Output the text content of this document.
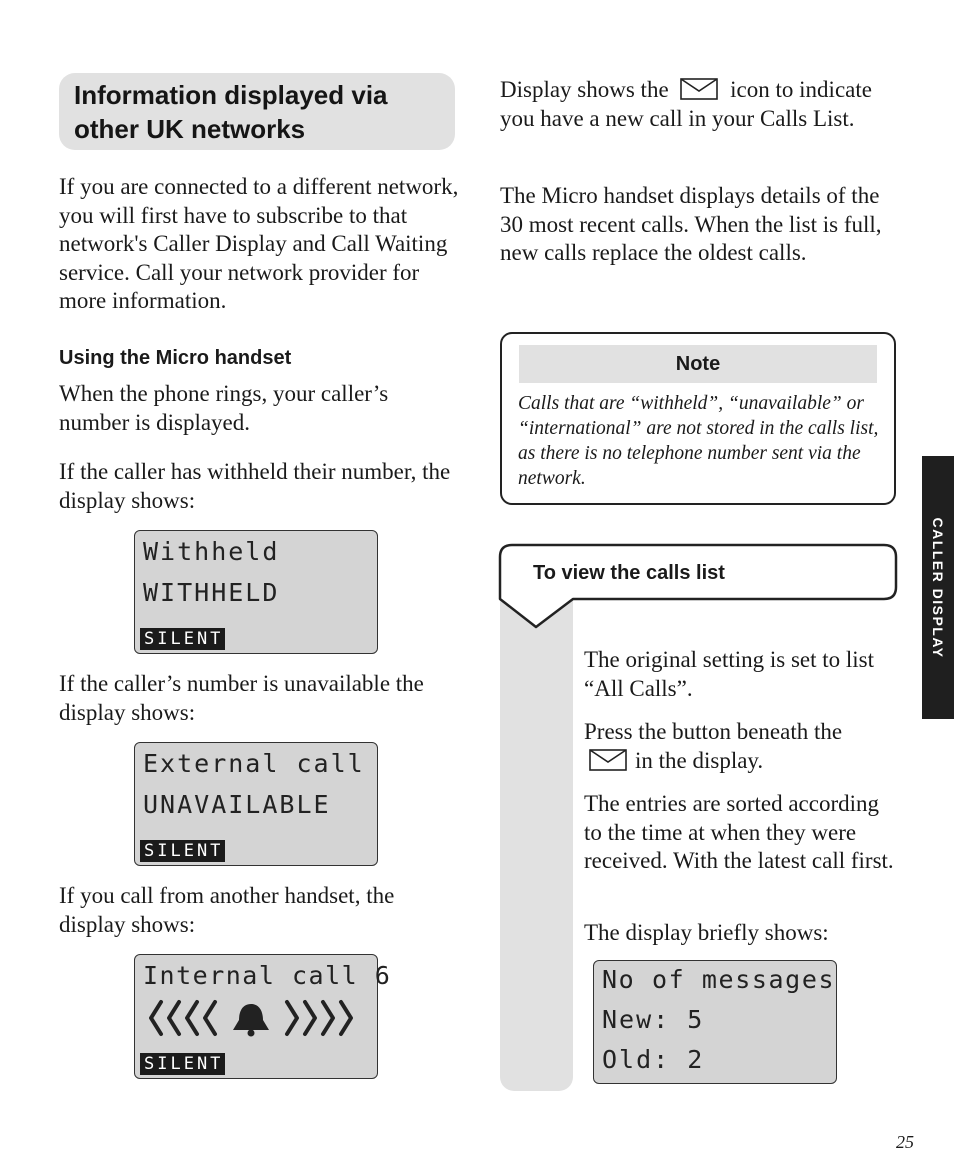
Information displayed via
other UK networks

If you are connected to a different network, you will first have to subscribe to that network's Caller Display and Call Waiting service. Call your network provider for more information.

Using the Micro handset

When the phone rings, your caller’s number is displayed.

If the caller has withheld their number, the display shows:

Withheld
WITHHELD
SILENT

If the caller’s number is unavailable the display shows:

External call
UNAVAILABLE
SILENT

If you call from another handset, the display shows:

Internal call 6
SILENT
Display shows the	icon to indicate you have a new call in your Calls List.

The Micro handset displays details of the 30 most recent calls. When the list is full, new calls replace the oldest calls.

Note
Calls that are “withheld”, “unavailable” or “international” are not stored in the calls list, as there is no telephone number sent via the network.
To view the calls list

The original setting is set to list “All Calls”.

Press the button beneath the
in the display.

The entries are sorted according to the time at when they were received. With the latest call first.

The display briefly shows:

No of messages
New: 5
Old: 2
CALLER DISPLAY
25
